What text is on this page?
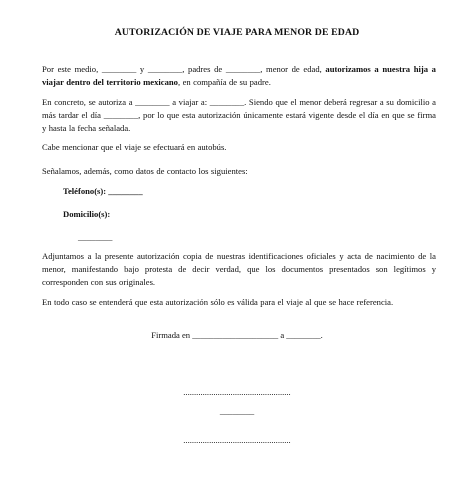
AUTORIZACIÓN DE VIAJE PARA MENOR DE EDAD

Por este medio, ________ y ________, padres de ________, menor de edad, autorizamos a nuestra hija a viajar dentro del territorio mexicano, en compañía de su padre.

En concreto, se autoriza a ________ a viajar a: ________. Siendo que el menor deberá regresar a su domicilio a más tardar el día ________, por lo que esta autorización únicamente estará vigente desde el día en que se firma y hasta la fecha señalada.

Cabe mencionar que el viaje se efectuará en autobús.

Señalamos, además, como datos de contacto los siguientes:

Teléfono(s): ________

Domicilio(s):

________

Adjuntamos a la presente autorización copia de nuestras identificaciones oficiales y acta de nacimiento de la menor, manifestando bajo protesta de decir verdad, que los documentos presentados son legítimos y corresponden con sus originales.

En todo caso se entenderá que esta autorización sólo es válida para el viaje al que se hace referencia.

Firmada en ____________________ a ________.

..................................................

________

..................................................
